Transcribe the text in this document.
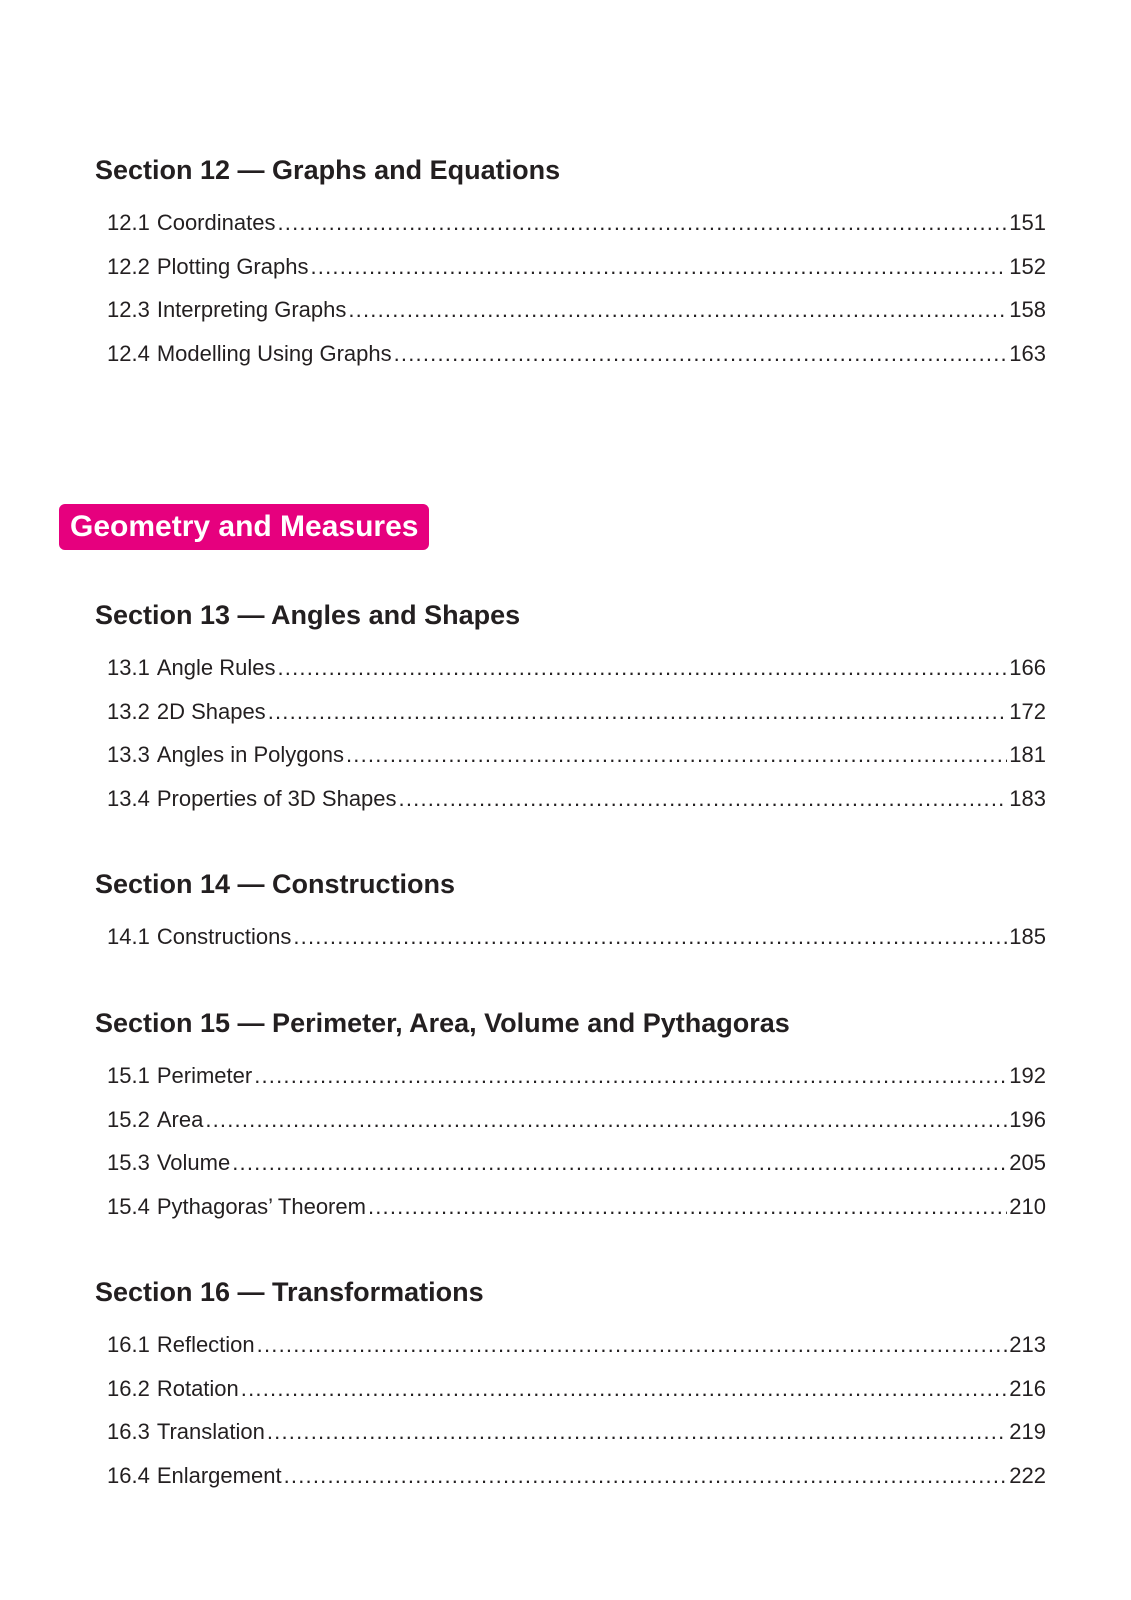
Section 12 — Graphs and Equations
12.1 Coordinates .....	151
12.2 Plotting Graphs .....	152
12.3 Interpreting Graphs .....	158
12.4 Modelling Using Graphs .....	163
Geometry and Measures
Section 13 — Angles and Shapes
13.1 Angle Rules .....	166
13.2 2D Shapes .....	172
13.3 Angles in Polygons .....	181
13.4 Properties of 3D Shapes .....	183
Section 14 — Constructions
14.1 Constructions .....	185
Section 15 — Perimeter, Area, Volume and Pythagoras
15.1 Perimeter .....	192
15.2 Area .....	196
15.3 Volume .....	205
15.4 Pythagoras’ Theorem .....	210
Section 16 — Transformations
16.1 Reflection .....	213
16.2 Rotation .....	216
16.3 Translation .....	219
16.4 Enlargement .....	222
